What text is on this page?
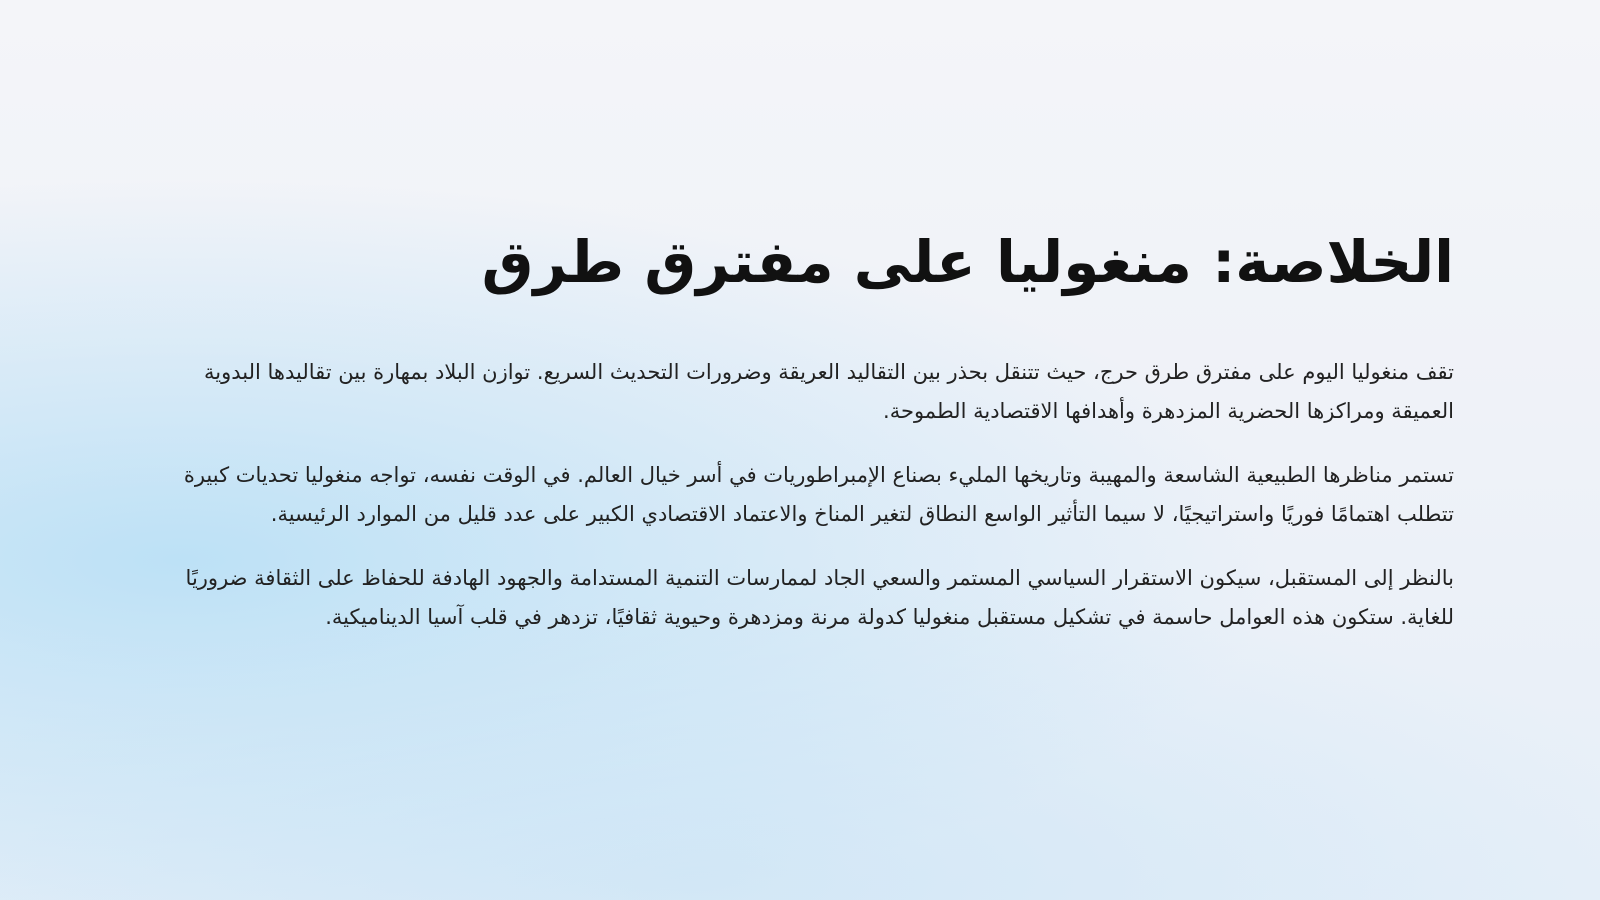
الخلاصة: منغوليا على مفترق طرق

تقف منغوليا اليوم على مفترق طرق حرج، حيث تتنقل بحذر بين التقاليد العريقة وضرورات التحديث السريع. توازن البلاد بمهارة بين تقاليدها البدوية العميقة ومراكزها الحضرية المزدهرة وأهدافها الاقتصادية الطموحة.

تستمر مناظرها الطبيعية الشاسعة والمهيبة وتاريخها المليء بصناع الإمبراطوريات في أسر خيال العالم. في الوقت نفسه، تواجه منغوليا تحديات كبيرة تتطلب اهتمامًا فوريًا واستراتيجيًا، لا سيما التأثير الواسع النطاق لتغير المناخ والاعتماد الاقتصادي الكبير على عدد قليل من الموارد الرئيسية.

بالنظر إلى المستقبل، سيكون الاستقرار السياسي المستمر والسعي الجاد لممارسات التنمية المستدامة والجهود الهادفة للحفاظ على الثقافة ضروريًا للغاية. ستكون هذه العوامل حاسمة في تشكيل مستقبل منغوليا كدولة مرنة ومزدهرة وحيوية ثقافيًا، تزدهر في قلب آسيا الديناميكية.
